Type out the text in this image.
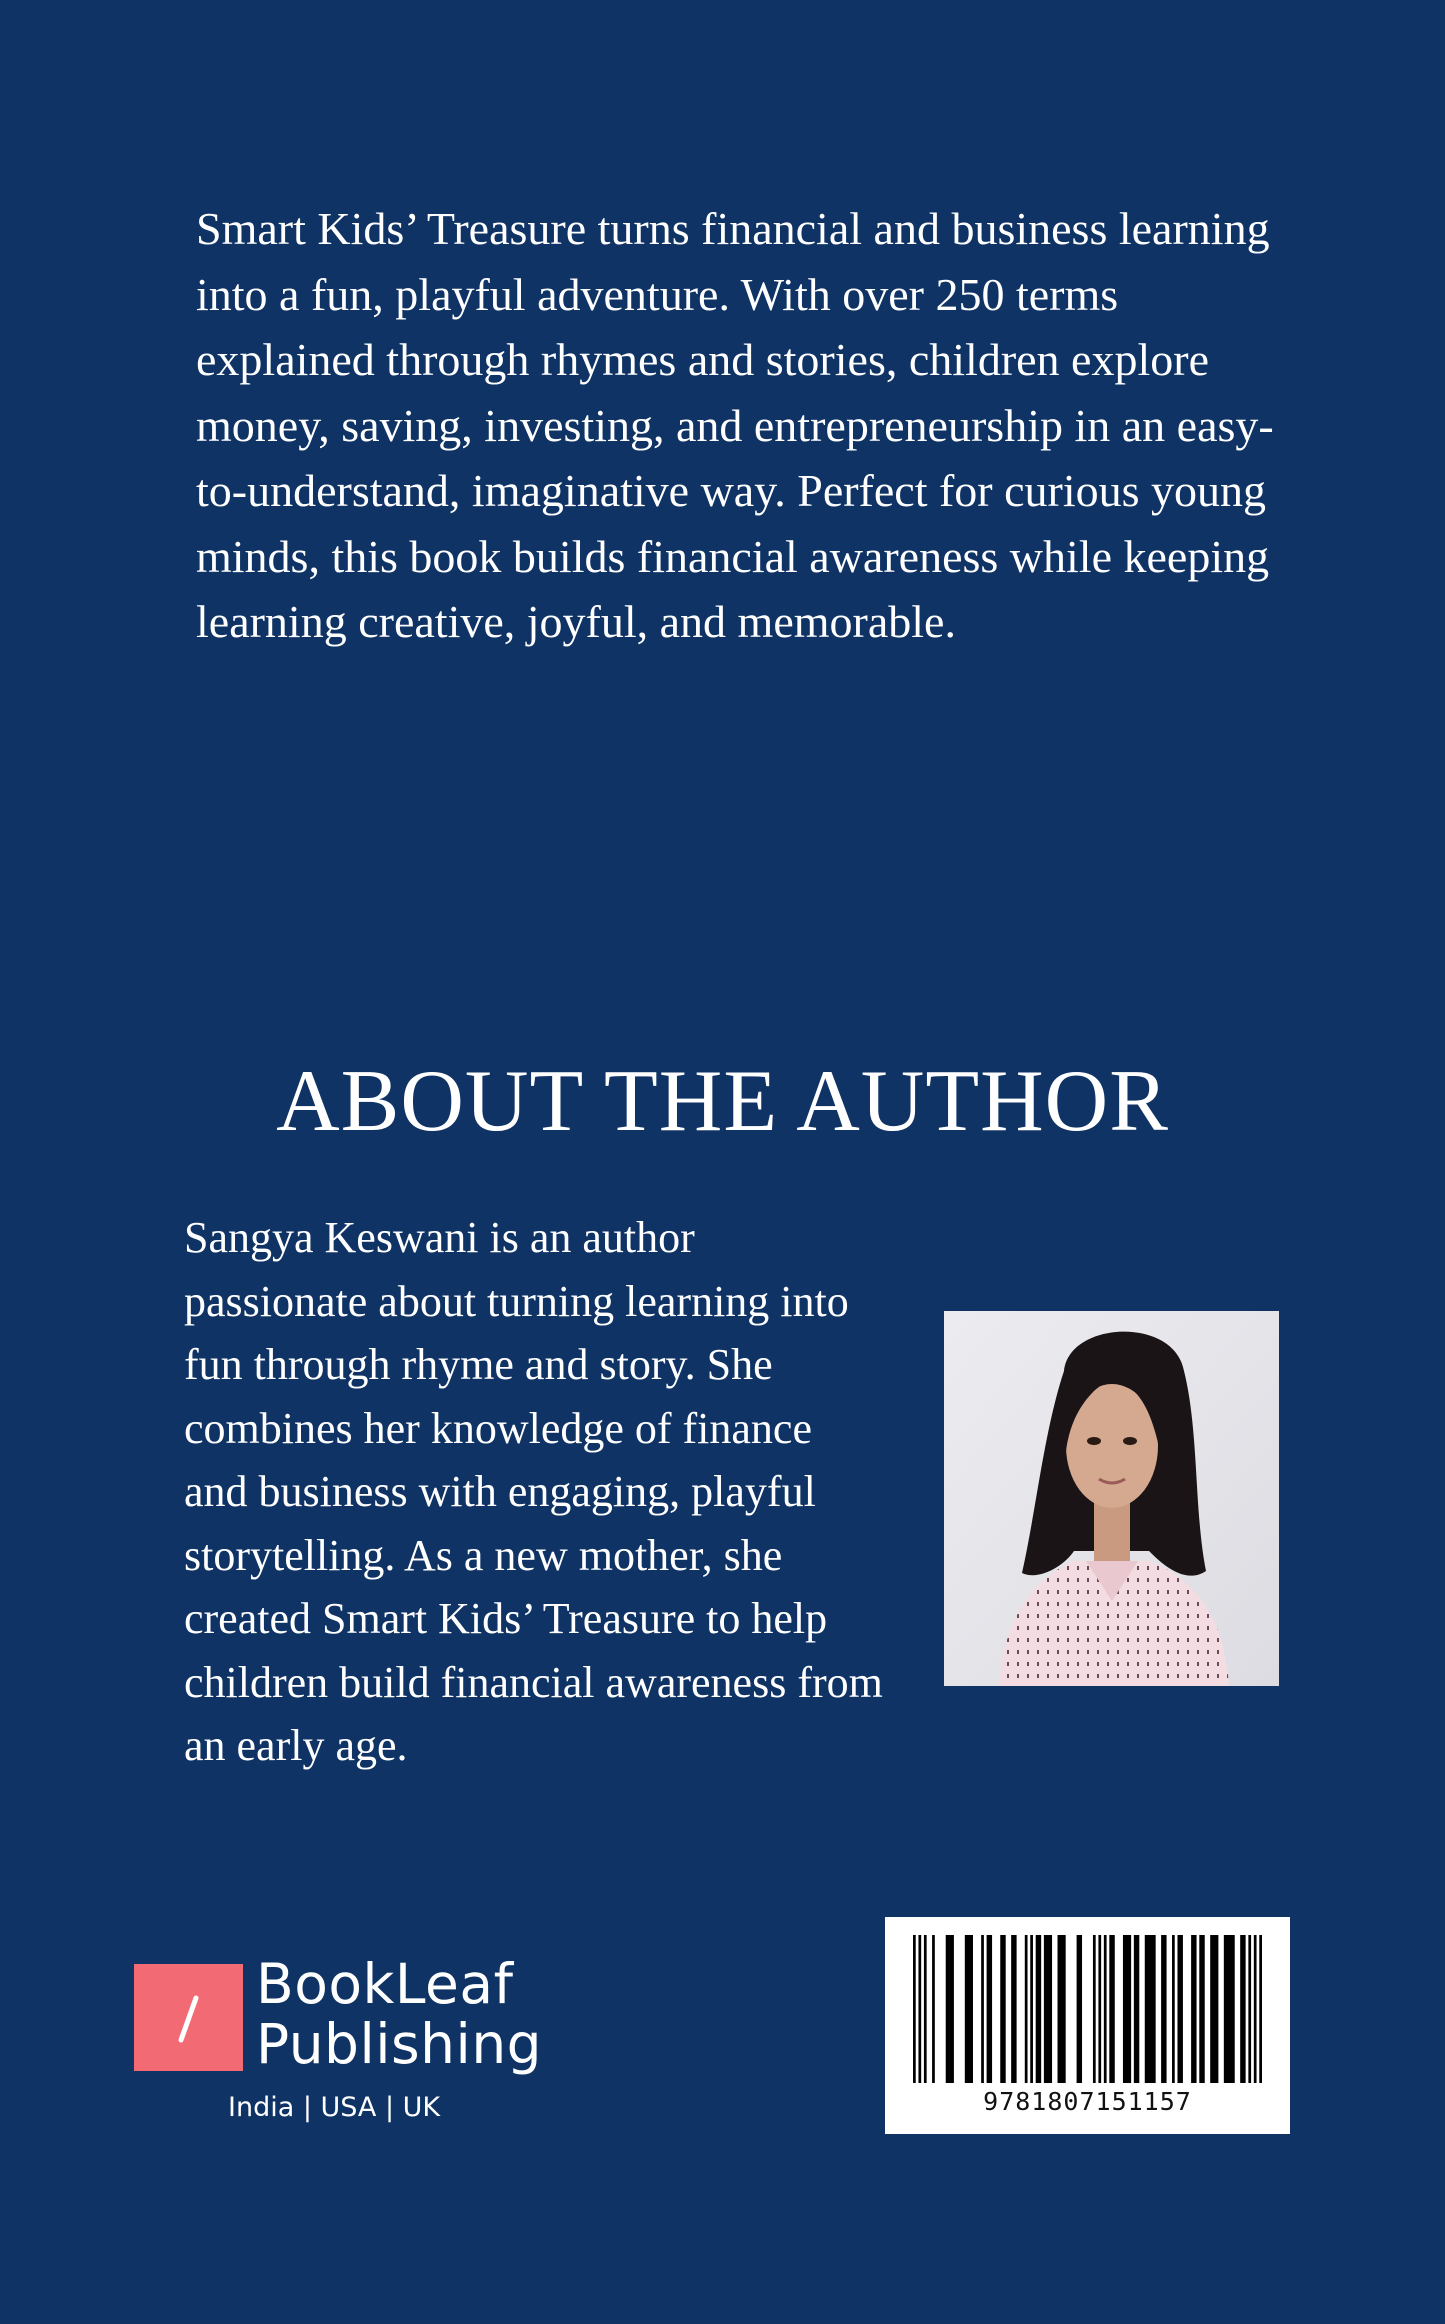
Smart Kids’ Treasure turns financial and business learning into a fun, playful adventure. With over 250 terms explained through rhymes and stories, children explore money, saving, investing, and entrepreneurship in an easy-to-understand, imaginative way. Perfect for curious young minds, this book builds financial awareness while keeping learning creative, joyful, and memorable.

ABOUT THE AUTHOR

Sangya Keswani is an author passionate about turning learning into fun through rhyme and story. She combines her knowledge of finance and business with engaging, playful storytelling. As a new mother, she created Smart Kids’ Treasure to help children build financial awareness from an early age.

BookLeaf
Publishing
India | USA | UK	9781807151157
